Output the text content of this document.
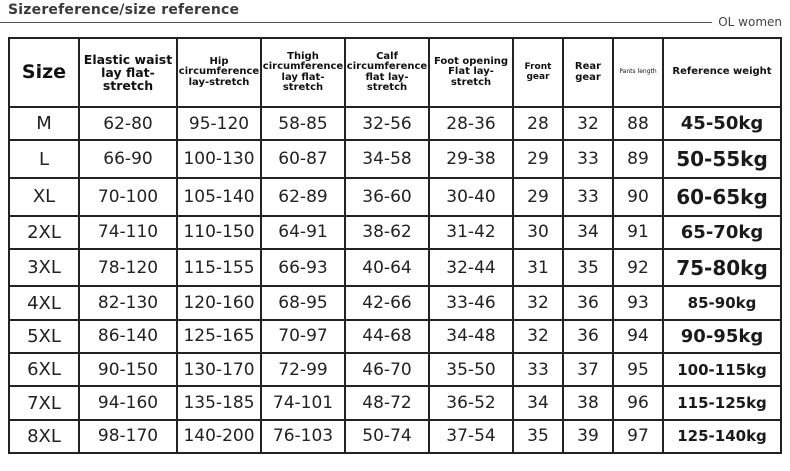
Sizereference/size reference
OL women
Size	Elastic waist lay flat-stretch	Hip circumference lay-stretch	Thigh circumference lay flat-stretch	Calf circumference flat lay-stretch	Foot opening Flat lay-stretch	Front gear	Rear gear	Pants length	Reference weight
M	62-80	95-120	58-85	32-56	28-36	28	32	88	45-50kg
L	66-90	100-130	60-87	34-58	29-38	29	33	89	50-55kg
XL	70-100	105-140	62-89	36-60	30-40	29	33	90	60-65kg
2XL	74-110	110-150	64-91	38-62	31-42	30	34	91	65-70kg
3XL	78-120	115-155	66-93	40-64	32-44	31	35	92	75-80kg
4XL	82-130	120-160	68-95	42-66	33-46	32	36	93	85-90kg
5XL	86-140	125-165	70-97	44-68	34-48	32	36	94	90-95kg
6XL	90-150	130-170	72-99	46-70	35-50	33	37	95	100-115kg
7XL	94-160	135-185	74-101	48-72	36-52	34	38	96	115-125kg
8XL	98-170	140-200	76-103	50-74	37-54	35	39	97	125-140kg
